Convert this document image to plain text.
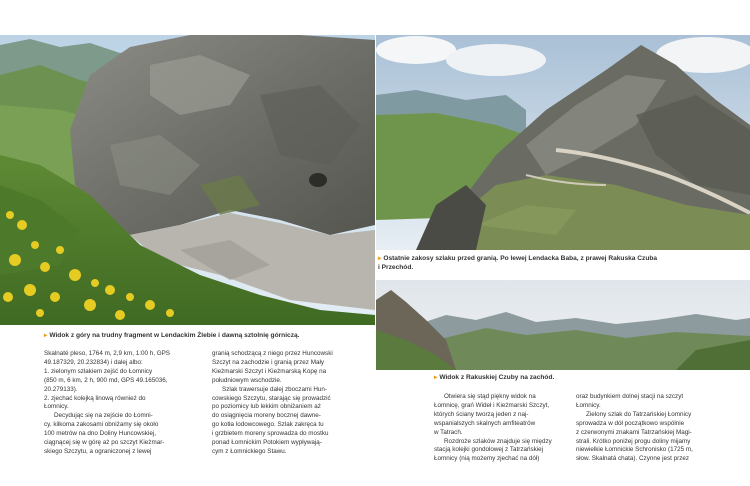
▸ Ostatnie zakosy szlaku przed granią. Po lewej Lendacka Baba, z prawej Rakuska Czuba
i Przechód.
▸ Widok z góry na trudny fragment w Lendackim Żlebie i dawną sztolnię górniczą.
▸ Widok z Rakuskiej Czuby na zachód.

Skalnaté pleso, 1764 m, 2,9 km, 1:00 h, GPS

49.187329, 20.232834) i dalej albo:

1. zielonym szlakiem zejść do Łomnicy

(850 m, 6 km, 2 h, 900 md, GPS 49.165036,

20.279133).

2. zjechać kolejką linową również do

Łomnicy.

Decydując się na zejście do Łomni-

cy, kilkoma zakosami obniżamy się około

100 metrów na dno Doliny Huncowskiej,

ciągnącej się w górę aż po szczyt Kieżmar-

skiego Szczytu, a ograniczonej z lewej

granią schodzącą z niego przez Huncowski

Szczyt na zachodzie i granią przez Mały

Kieżmarski Szczyt i Kieżmarską Kopę na

południowym wschodzie.

Szlak trawersuje dalej zboczami Hun-

cowskiego Szczytu, starając się prowadzić

po poziomicy lub lekkim obniżaniem aż

do osiągnięcia moreny bocznej dawne-

go kotła lodowcowego. Szlak zakręca tu

i grzbietem moreny sprowadza do mostku

ponad Łomnickim Potokiem wypływają-

cym z Łomnickiego Stawu.

Otwiera się stąd piękny widok na

Łomnicę, grań Wideł i Kieżmarski Szczyt,

których ściany tworzą jeden z naj-

wspanialszych skalnych amfiteatrów

w Tatrach.

Rozdroże szlaków znajduje się między

stacją kolejki gondolowej z Tatrzańskiej

Łomnicy (nią możemy zjechać na dół)

oraz budynkiem dolnej stacji na szczyt

Łomnicy.

Zielony szlak do Tatrzańskiej Łomnicy

sprowadza w dół początkowo wspólnie

z czerwonymi znakami Tatrzańskiej Magi-

strali. Krótko poniżej progu doliny mijamy

niewielkie Łomnickie Schronisko (1725 m,

słow. Skalnatá chata). Czynne jest przez
